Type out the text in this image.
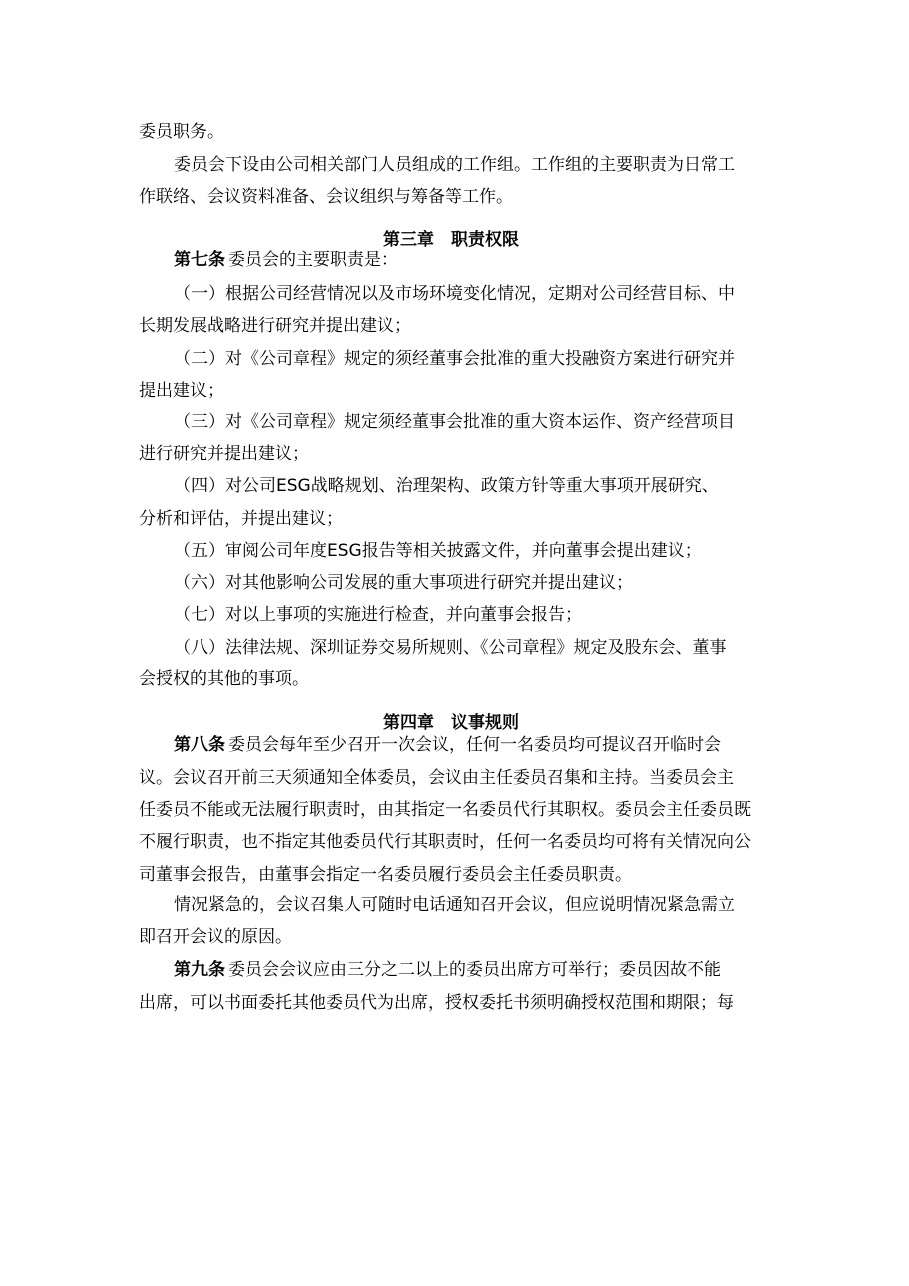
委员职务。
委员会下设由公司相关部门人员组成的工作组。工作组的主要职责为日常工
作联络、会议资料准备、会议组织与筹备等工作。
第三章　职责权限
第七条 委员会的主要职责是：
（一）根据公司经营情况以及市场环境变化情况，定期对公司经营目标、中
长期发展战略进行研究并提出建议；
（二）对《公司章程》规定的须经董事会批准的重大投融资方案进行研究并
提出建议；
（三）对《公司章程》规定须经董事会批准的重大资本运作、资产经营项目
进行研究并提出建议；
（四）对公司ESG战略规划、治理架构、政策方针等重大事项开展研究、
分析和评估，并提出建议；
（五）审阅公司年度ESG报告等相关披露文件，并向董事会提出建议；
（六）对其他影响公司发展的重大事项进行研究并提出建议；
（七）对以上事项的实施进行检查，并向董事会报告；
（八）法律法规、深圳证券交易所规则、《公司章程》规定及股东会、董事
会授权的其他的事项。
第四章　议事规则
第八条 委员会每年至少召开一次会议，任何一名委员均可提议召开临时会
议。会议召开前三天须通知全体委员，会议由主任委员召集和主持。当委员会主
任委员不能或无法履行职责时，由其指定一名委员代行其职权。委员会主任委员既
不履行职责，也不指定其他委员代行其职责时，任何一名委员均可将有关情况向公
司董事会报告，由董事会指定一名委员履行委员会主任委员职责。
情况紧急的，会议召集人可随时电话通知召开会议，但应说明情况紧急需立
即召开会议的原因。
第九条 委员会会议应由三分之二以上的委员出席方可举行；委员因故不能
出席，可以书面委托其他委员代为出席，授权委托书须明确授权范围和期限；每
